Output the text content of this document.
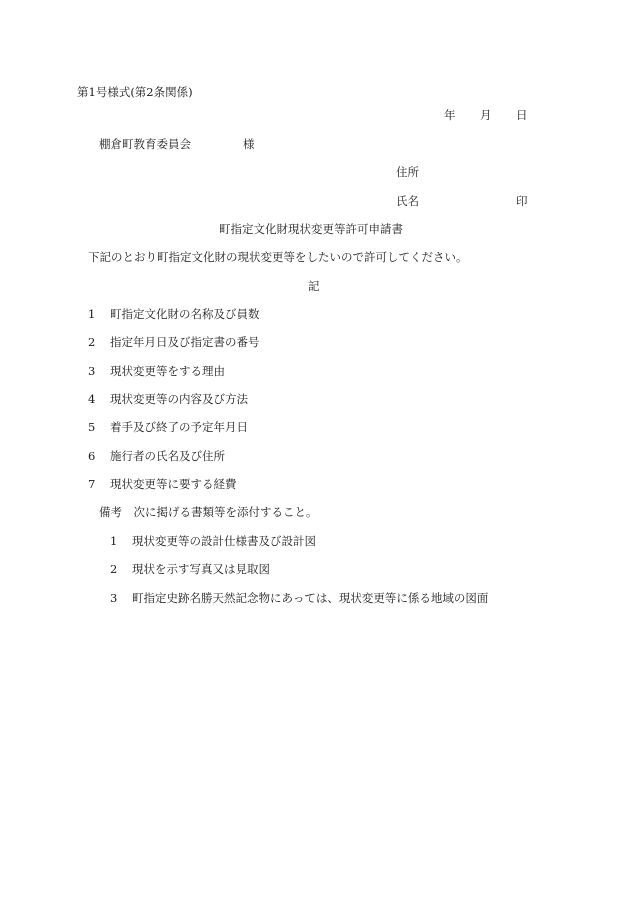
第1号様式(第2条関係)
年 月 日
棚倉町教育委員会	様
住所
氏名	印
町指定文化財現状変更等許可申請書
下記のとおり町指定文化財の現状変更等をしたいので許可してください。
記
1 町指定文化財の名称及び員数
2 指定年月日及び指定書の番号
3 現状変更等をする理由
4 現状変更等の内容及び方法
5 着手及び終了の予定年月日
6 施行者の氏名及び住所
7 現状変更等に要する経費
備考　次に掲げる書類等を添付すること。
1 現状変更等の設計仕様書及び設計図
2 現状を示す写真又は見取図
3 町指定史跡名勝天然記念物にあっては、現状変更等に係る地域の図面
